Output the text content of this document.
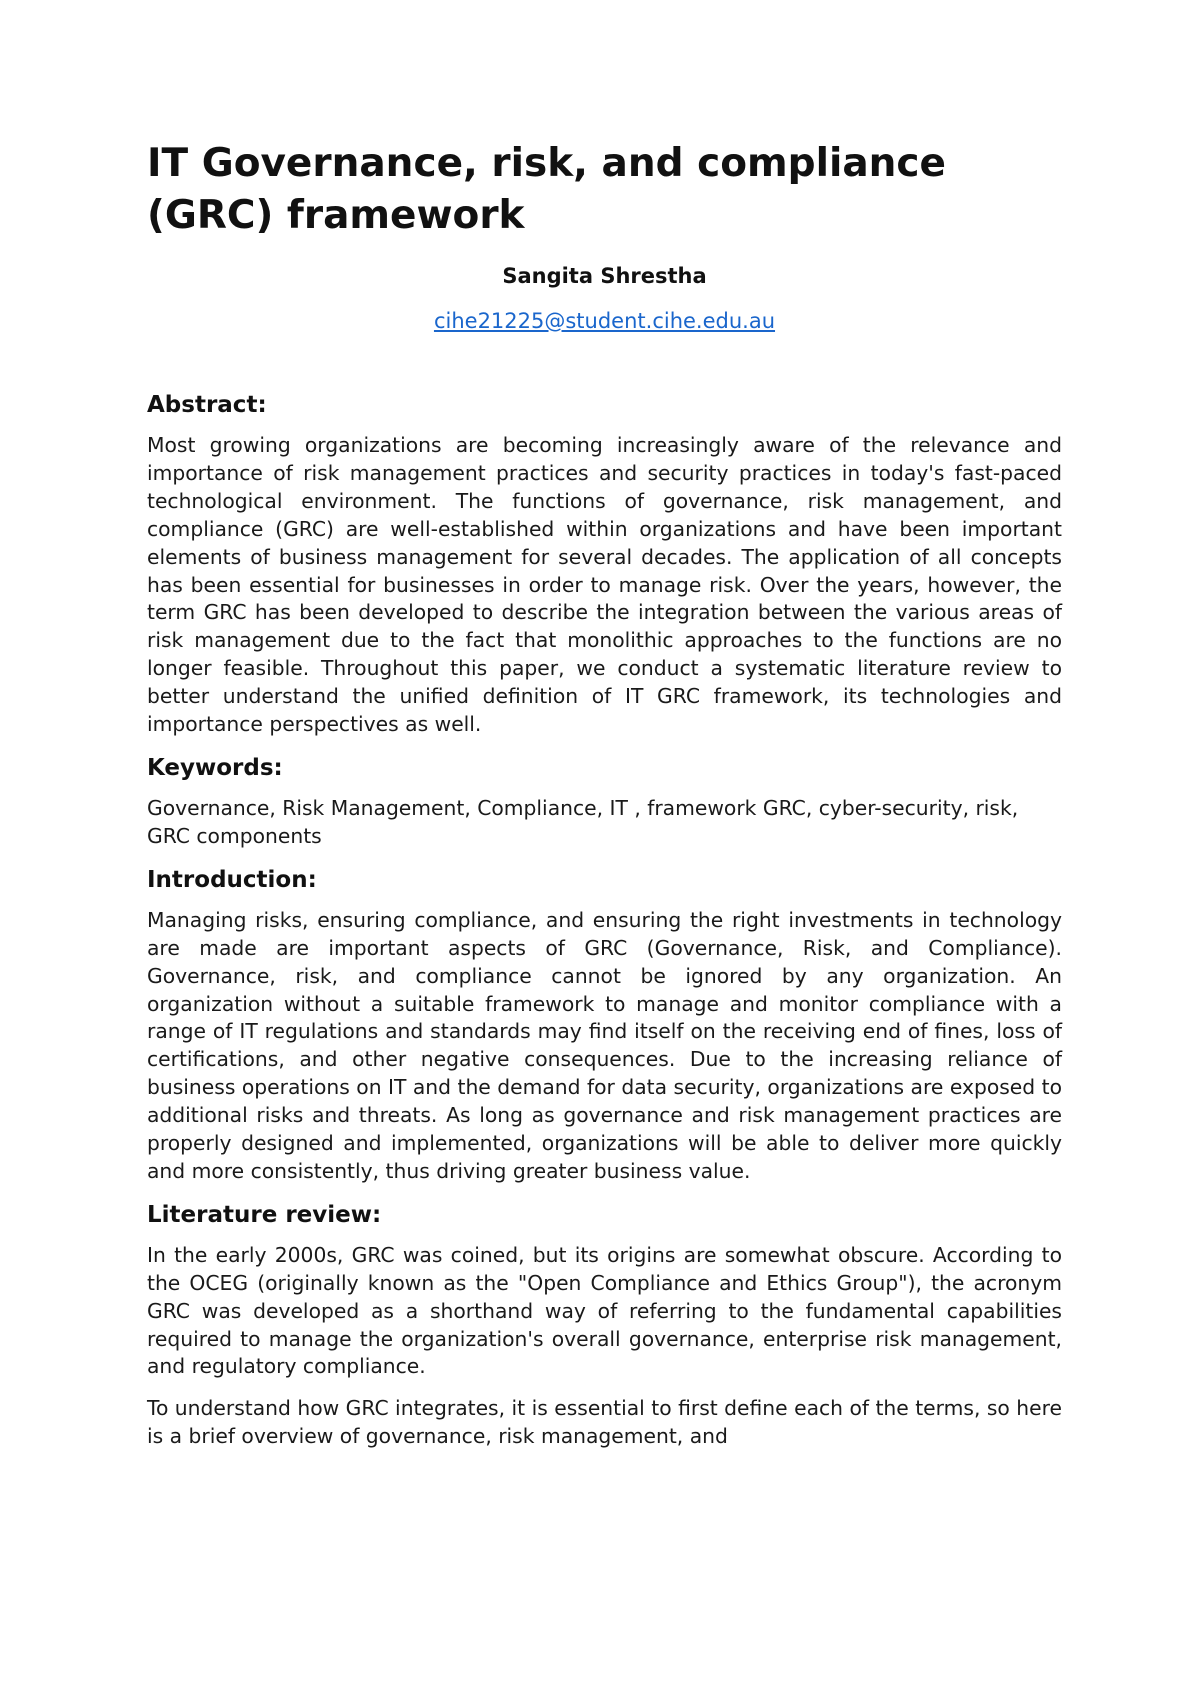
IT Governance, risk, and compliance (GRC) framework
Sangita Shrestha
cihe21225@student.cihe.edu.au
Abstract:

Most growing organizations are becoming increasingly aware of the relevance and importance of risk management practices and security practices in today's fast-paced technological environment. The functions of governance, risk management, and compliance (GRC) are well-established within organizations and have been important elements of business management for several decades. The application of all concepts has been essential for businesses in order to manage risk. Over the years, however, the term GRC has been developed to describe the integration between the various areas of risk management due to the fact that monolithic approaches to the functions are no longer feasible. Throughout this paper, we conduct a systematic literature review to better understand the unified definition of IT GRC framework, its technologies and importance perspectives as well.

Keywords:

Governance, Risk Management, Compliance, IT , framework GRC, cyber-security, risk, GRC components

Introduction:

Managing risks, ensuring compliance, and ensuring the right investments in technology are made are important aspects of GRC (Governance, Risk, and Compliance). Governance, risk, and compliance cannot be ignored by any organization. An organization without a suitable framework to manage and monitor compliance with a range of IT regulations and standards may find itself on the receiving end of fines, loss of certifications, and other negative consequences. Due to the increasing reliance of business operations on IT and the demand for data security, organizations are exposed to additional risks and threats. As long as governance and risk management practices are properly designed and implemented, organizations will be able to deliver more quickly and more consistently, thus driving greater business value.

Literature review:

In the early 2000s, GRC was coined, but its origins are somewhat obscure. According to the OCEG (originally known as the "Open Compliance and Ethics Group"), the acronym GRC was developed as a shorthand way of referring to the fundamental capabilities required to manage the organization's overall governance, enterprise risk management, and regulatory compliance.

To understand how GRC integrates, it is essential to first define each of the terms, so here is a brief overview of governance, risk management, and
